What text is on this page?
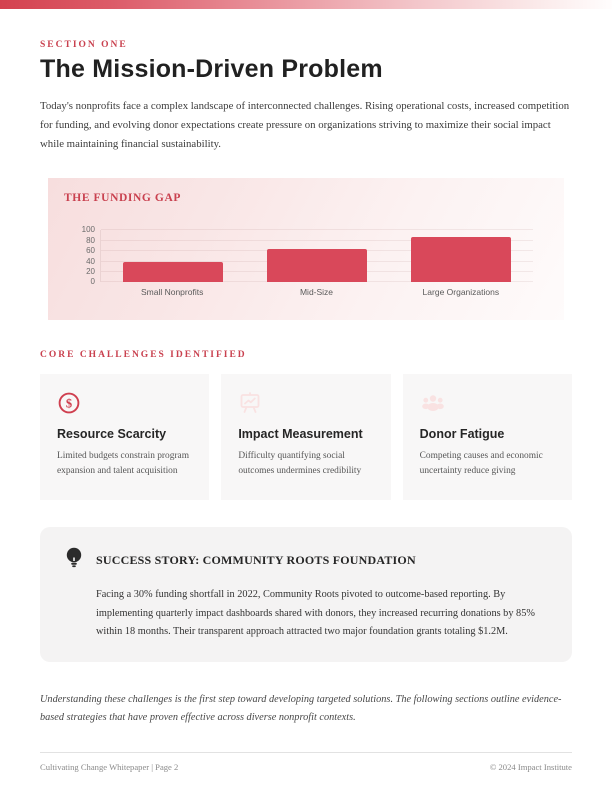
SECTION ONE
The Mission-Driven Problem

Today's nonprofits face a complex landscape of interconnected challenges. Rising operational costs, increased competition for funding, and evolving donor expectations create pressure on organizations striving to maximize their social impact while maintaining financial sustainability.

THE FUNDING GAP
0
20
40
60
80
100
Small Nonprofits	Mid-Size	Large Organizations
CORE CHALLENGES IDENTIFIED
$
Resource Scarcity
Limited budgets constrain program expansion and talent acquisition
Impact Measurement
Difficulty quantifying social outcomes undermines credibility
Donor Fatigue
Competing causes and economic uncertainty reduce giving
SUCCESS STORY: COMMUNITY ROOTS FOUNDATION

Facing a 30% funding shortfall in 2022, Community Roots pivoted to outcome-based reporting. By implementing quarterly impact dashboards shared with donors, they increased recurring donations by 85% within 18 months. Their transparent approach attracted two major foundation grants totaling $1.2M.

Understanding these challenges is the first step toward developing targeted solutions. The following sections outline evidence-based strategies that have proven effective across diverse nonprofit contexts.

Cultivating Change Whitepaper | Page 2	© 2024 Impact Institute
